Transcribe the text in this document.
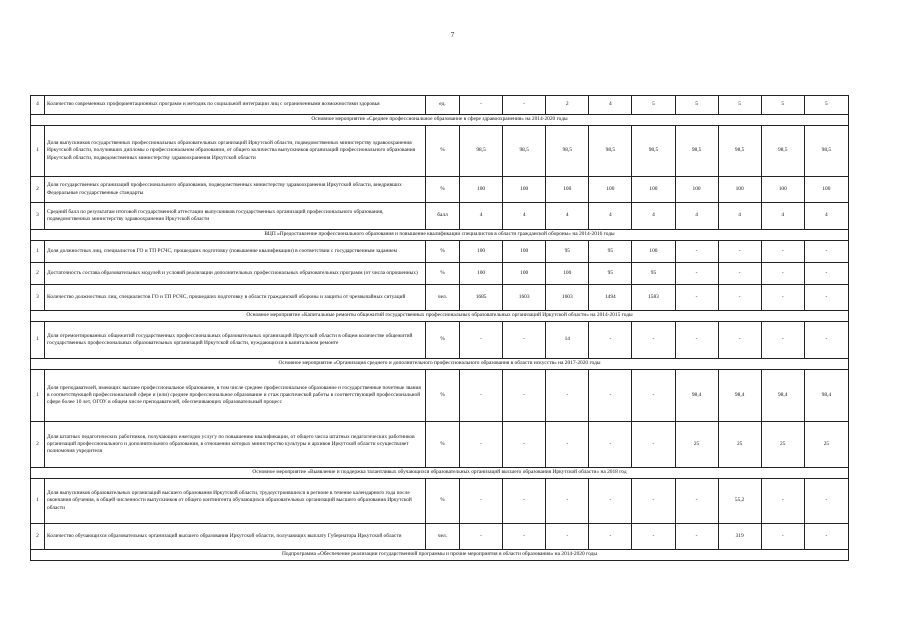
7
4	Количество современных профориентационных программ и методик по социальной интеграции лиц с ограниченными возможностями здоровья	ед.	-	-	2	4	5	5	5	5	5
Основное мероприятие «Среднее профессиональное образование в сфере здравоохранения» на 2014-2020 годы											
1	Доля выпускников государственных профессиональных образовательных организаций Иркутской области, подведомственных министерству здравоохранения Иркутской области, получивших дипломы о профессиональном образовании, от общего количества выпускников организаций профессионального образования Иркутской области, подведомственных министерству здравоохранения Иркутской области	%	98,5	98,5	98,5	98,5	98,5	98,5	98,5	98,5	98,5
2	Доля государственных организаций профессионального образования, подведомственных министерству здравоохранения Иркутской области, внедривших Федеральные государственные стандарты	%	100	100	100	100	100	100	100	100	100
3	Средний балл по результатам итоговой государственной аттестации выпускников государственных организаций профессионального образования, подведомственных министерству здравоохранения Иркутской области	балл	4	4	4	4	4	4	4	4	4
ВЦП «Предоставление профессионального образования и повышение квалификации специалистов в области гражданской обороны» на 2014-2016 годы											
1	Доля должностных лиц, специалистов ГО и ТП РСЧС, прошедших подготовку (повышение квалификации) в соответствии с государственным заданием	%	100	100	95	95	100	-	-	-	-
2	Достаточность состава образовательных модулей и условий реализации дополнительных профессиональных образовательных программ (от числа опрошенных)	%	100	100	100	95	95	-	-	-	-
3	Количество должностных лиц, специалистов ГО и ТП РСЧС, прошедших подготовку в области гражданской обороны и защиты от чрезвычайных ситуаций	чел.	1685	1603	1603	1494	1583	-	-	-	-
Основное мероприятие «Капитальные ремонты общежитий государственных профессиональных образовательных организаций Иркутской области» на 2014-2015 годы											
1	Доля отремонтированных общежитий государственных профессиональных образовательных организаций Иркутской области в общем количестве общежитий государственных профессиональных образовательных организаций Иркутской области, нуждающихся в капитальном ремонте	%	-	-	14	-	-	-	-	-	-
Основное мероприятие «Организация среднего и дополнительного профессионального образования в области искусств» на 2017-2020 годы											
1	Доля преподавателей, имеющих высшее профессиональное образование, в том числе среднее профессиональное образование и государственные почетные звания в соответствующей профессиональной сфере и (или) среднее профессиональное образование и стаж практической работы в соответствующей профессиональной сфере более 10 лет, ОГОУ в общем числе преподавателей, обеспечивающих образовательный процесс	%	-	-	-	-	-	98,4	98,4	98,4	98,4
2	Доля штатных педагогических работников, получающих ежегодно услугу по повышению квалификации, от общего числа штатных педагогических работников организаций профессионального и дополнительного образования, в отношении которых министерство культуры и архивов Иркутской области осуществляет полномочия учредителя	%	-	-	-	-	-	25	25	25	25
Основное мероприятие «Выявление и поддержка талантливых обучающихся образовательных организаций высшего образования Иркутской области» на 2018 год											
1	Доля выпускников образовательных организаций высшего образования Иркутской области, трудоустроившихся в регионе в течение календарного года после окончания обучения, в общей численности выпускников от общего контингента обучающихся образовательных организаций высшего образования Иркутской области	%	-	-	-	-	-	-	55,2	-	-
2	Количество обучающихся образовательных организаций высшего образования Иркутской области, получающих выплату Губернатора Иркутской области	чел.	-	-	-	-	-	-	319	-	-
Подпрограмма «Обеспечение реализации государственной программы и прочие мероприятия в области образования» на 2014-2020 годы											
